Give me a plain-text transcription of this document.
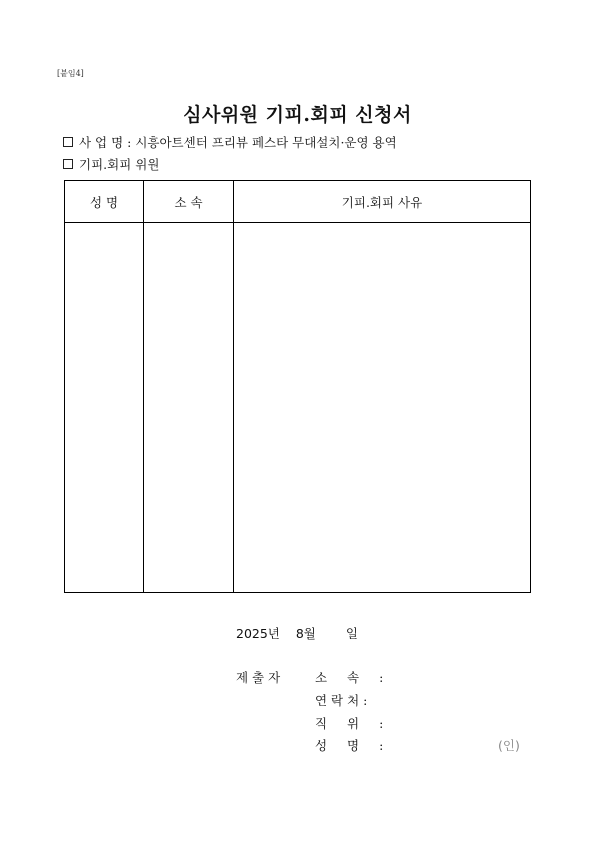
[붙임4]
심사위원 기피.회피 신청서
사 업 명 : 시흥아트센터 프리뷰 페스타 무대설치·운영 용역
기피.회피 위원
성 명	소 속	기피.회피 사유

2025년 8월 일
제 출 자	소 속 :
연 락 처 :
직 위 :
성 명 :	(인)
